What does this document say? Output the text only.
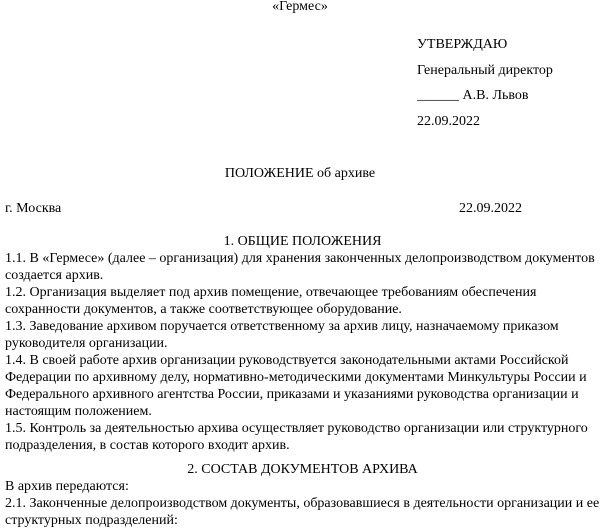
«Гермес»
УТВЕРЖДАЮ
Генеральный директор
______ А.В. Львов
22.09.2022
ПОЛОЖЕНИЕ об архиве
г. Москва	22.09.2022
1. ОБЩИЕ ПОЛОЖЕНИЯ

1.1. В «Гермесе» (далее – организация) для хранения законченных делопроизводством документов создается архив.

1.2. Организация выделяет под архив помещение, отвечающее требованиям обеспечения сохранности документов, а также соответствующее оборудование.

1.3. Заведование архивом поручается ответственному за архив лицу, назначаемому приказом руководителя организации.

1.4. В своей работе архив организации руководствуется законодательными актами Российской Федерации по архивному делу, нормативно-методическими документами Минкультуры России и Федерального архивного агентства России, приказами и указаниями руководства организации и настоящим положением.

1.5. Контроль за деятельностью архива осуществляет руководство организации или структурного подразделения, в состав которого входит архив.

2. СОСТАВ ДОКУМЕНТОВ АРХИВА

В архив передаются:

2.1. Законченные делопроизводством документы, образовавшиеся в деятельности организации и ее структурных подразделений:
